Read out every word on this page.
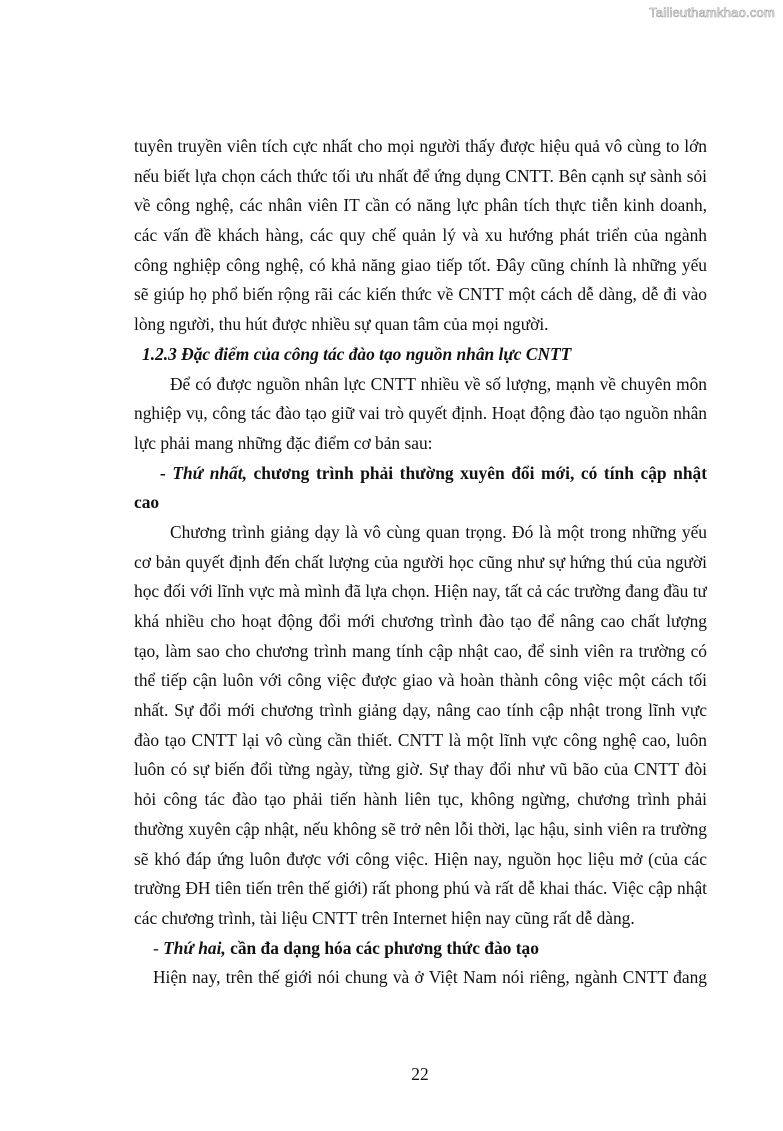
Tailieuthamkhao.com
tuyên truyền viên tích cực nhất cho mọi người thấy được hiệu quả vô cùng to lớn
nếu biết lựa chọn cách thức tối ưu nhất để ứng dụng CNTT. Bên cạnh sự sành sỏi
về công nghệ, các nhân viên IT cần có năng lực phân tích thực tiễn kinh doanh,
các vấn đề khách hàng, các quy chế quản lý và xu hướng phát triển của ngành
công nghiệp công nghệ, có khả năng giao tiếp tốt. Đây cũng chính là những yếu
sẽ giúp họ phổ biến rộng rãi các kiến thức về CNTT một cách dễ dàng, dễ đi vào
lòng người, thu hút được nhiều sự quan tâm của mọi người.
1.2.3 Đặc điểm của công tác đào tạo nguồn nhân lực CNTT
Để có được nguồn nhân lực CNTT nhiều về số lượng, mạnh về chuyên môn
nghiệp vụ, công tác đào tạo giữ vai trò quyết định. Hoạt động đào tạo nguồn nhân
lực phải mang những đặc điểm cơ bản sau:
- Thứ nhất, chương trình phải thường xuyên đổi mới, có tính cập nhật
cao
Chương trình giảng dạy là vô cùng quan trọng. Đó là một trong những yếu
cơ bản quyết định đến chất lượng của người học cũng như sự hứng thú của người
học đối với lĩnh vực mà mình đã lựa chọn. Hiện nay, tất cả các trường đang đầu tư
khá nhiều cho hoạt động đổi mới chương trình đào tạo để nâng cao chất lượng
tạo, làm sao cho chương trình mang tính cập nhật cao, để sinh viên ra trường có
thể tiếp cận luôn với công việc được giao và hoàn thành công việc một cách tối
nhất. Sự đổi mới chương trình giảng dạy, nâng cao tính cập nhật trong lĩnh vực
đào tạo CNTT lại vô cùng cần thiết. CNTT là một lĩnh vực công nghệ cao, luôn
luôn có sự biến đổi từng ngày, từng giờ. Sự thay đổi như vũ bão của CNTT đòi
hỏi công tác đào tạo phải tiến hành liên tục, không ngừng, chương trình phải
thường xuyên cập nhật, nếu không sẽ trở nên lỗi thời, lạc hậu, sinh viên ra trường
sẽ khó đáp ứng luôn được với công việc. Hiện nay, nguồn học liệu mở (của các
trường ĐH tiên tiến trên thế giới) rất phong phú và rất dễ khai thác. Việc cập nhật
các chương trình, tài liệu CNTT trên Internet hiện nay cũng rất dễ dàng.
- Thứ hai, cần đa dạng hóa các phương thức đào tạo
Hiện nay, trên thế giới nói chung và ở Việt Nam nói riêng, ngành CNTT đang
22
